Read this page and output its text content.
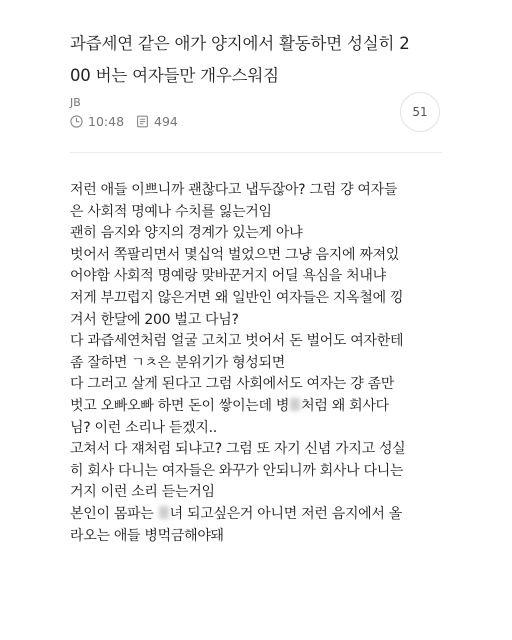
과즙세연 같은 애가 양지에서 활동하면 성실히 2
00 버는 여자들만 개우스워짐
JB
10:48 494
51
저런 애들 이쁘니까 괜찮다고 냅두잖아? 그럼 걍 여자들
은 사회적 명예나 수치를 잃는거임
괜히 음지와 양지의 경계가 있는게 아냐
벗어서 쪽팔리면서 몇십억 벌었으면 그냥 음지에 짜져있
어야함 사회적 명예랑 맞바꾼거지 어딜 욕심을 처내냐
저게 부끄럽지 않은거면 왜 일반인 여자들은 지옥철에 낑
겨서 한달에 200 벌고 다님?
다 과즙세연처럼 얼굴 고치고 벗어서 돈 벌어도 여자한테
좀 잘하면 ㄱㅊ은 분위기가 형성되면
다 그러고 살게 된다고 그럼 사회에서도 여자는 걍 좀만
벗고 오빠오빠 하면 돈이 쌓이는데 병 처럼 왜 회사다
님? 이런 소리나 듣겠지..
고쳐서 다 쟤처럼 되냐고? 그럼 또 자기 신념 가지고 성실
히 회사 다니는 여자들은 와꾸가 안되니까 회사나 다니는
거지 이런 소리 듣는거임
본인이 몸파는 녀 되고싶은거 아니면 저런 음지에서 올
라오는 애들 병먹금해야돼
